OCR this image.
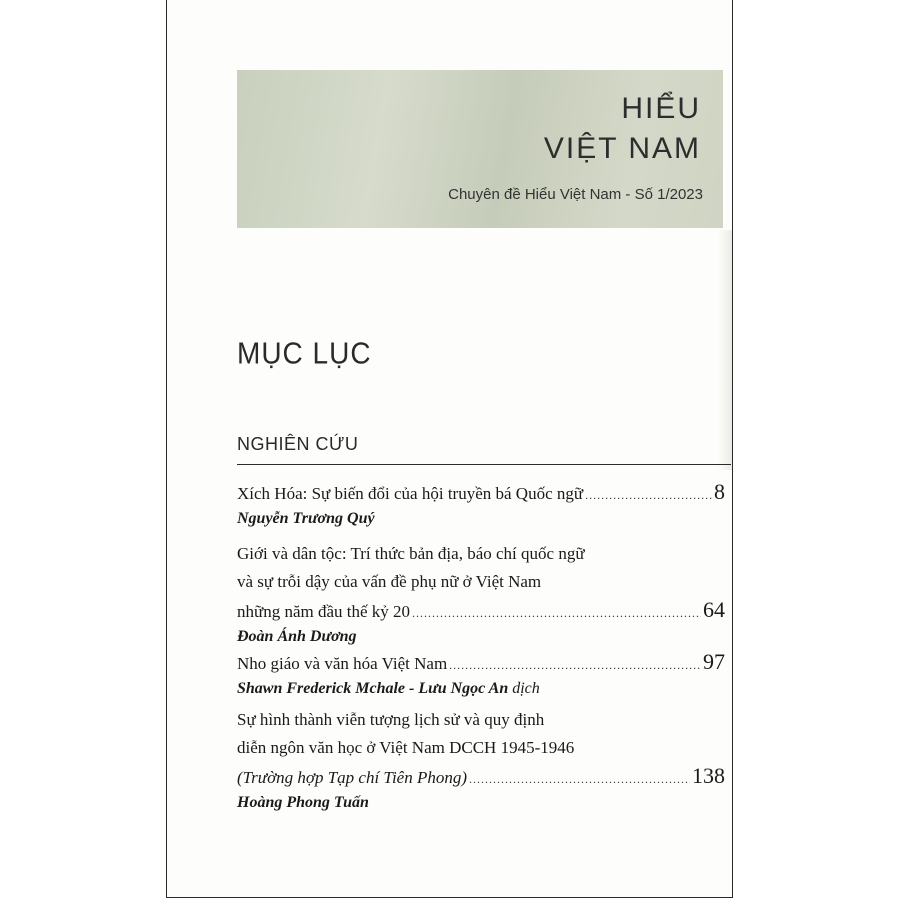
HIỂU
VIỆT NAM
Chuyên đề Hiểu Việt Nam - Số 1/2023
MỤC LỤC
NGHIÊN CỨU
Xích Hóa: Sự biến đổi của hội truyền bá Quốc ngữ .....	8
Nguyễn Trương Quý
Giới và dân tộc: Trí thức bản địa, báo chí quốc ngữ
và sự trỗi dậy của vấn đề phụ nữ ở Việt Nam
những năm đầu thế kỷ 20 .....	64
Đoàn Ánh Dương
Nho giáo và văn hóa Việt Nam .....	97
Shawn Frederick Mchale - Lưu Ngọc An dịch
Sự hình thành viễn tượng lịch sử và quy định
diễn ngôn văn học ở Việt Nam DCCH 1945-1946
(Trường hợp Tạp chí Tiên Phong) .....	138
Hoàng Phong Tuấn
